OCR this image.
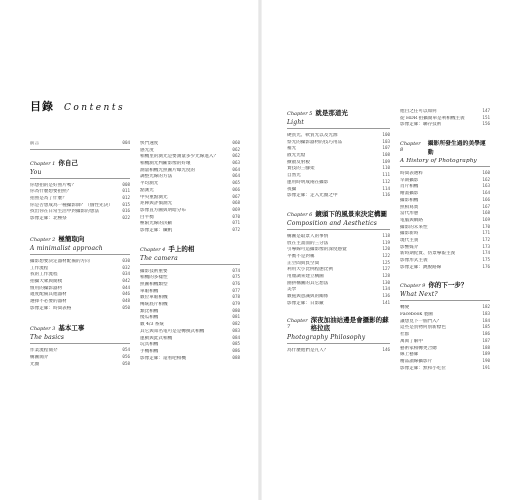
目錄 Contents
前言	004
Chapter 1 你自己
You
你想拍的是好照片嗎？	008
你為什麼想要拍照？	011
拍照是為了什麼？	012
你是否想成為一種攝影師？（個性先決）	015
找出你在日常生活中對攝影的想法	016
影像走廊：北極祭	022
Chapter 2 極簡取向
A minimalist approach
攝影想要決定器材配備的方向	030
工作流程	032
我的工作流程	034
拍攝大眾與簡樸	042
慣用的攝影器材	044
適度配備其他器材	046
選擇不必要的器材	048
影像走廊：時間表格	050
Chapter 3 基本工事
The basics
作業流程簡介	054
構圖簡介	056
光圈	058
快門速度	060
感光度	062
相機里的測光是要測量多少光線進入？	062
相機測光判斷影像的好壞	063
測量相機光照圖片曝光度的	064
調整光線的方法	064
平均測光	065
點測光	066
中央重點測光	067
矩陣與評價測光	068
影像直方圖與明暗分布	069
白平衡	070
極限光線的決斷	071
影像走廊：纖帆	072
Chapter 4 手上的相
The camera
攝影技術重要	074
相機的多樣性	075
照圖相機類型	076
單眼相機	077
數位單眼相機	078
傳統底片相機	079
類比相機	080
傻瓜相機	081
數 4/3 系統	082
其它與知名電可是是轉換式相機	083
運動與此式相機	084
玩具相機	085
手機相機	086
影像走廊：還看吧相機	088
Chapter 5 就是那道光
Light
硬質光、軟質光以及光源	100
察光的攝影器材的技巧用品	103
補光	107
散光光燈	108
擴散反射板	109
實技的三腳架	110
自然光	111
運用時明成兩在攝影	112
夜攝	114
影像走廊：走入光圈之中	116
Chapter 6 鏡頭下的風景來決定構圖
Composition and Aesthetics
構圖是取景人的事情	118
放在主畫面的三分法	119
引導線可造攝影像的深度感覺	120
平衡不是對稱	122
正空間與負空間	125
利用大小比例程態比例	127
用顏調來建立構圖	128
圍拼構圖的其它想法	130
美學	134
數拖與意識與的關係	136
影像走廊：日影廠	141
Chapter 7
深夜加油站邊是會攝影的蘇格拉底
Photography Philosophy
為什麼他們是凡人？	146
他白之任可以如何	147
從 HDR 拍攝簡單是利相機主義	151
影像走廊：聯存技術	156
Chapter 8
攝影所發生過的美學運動
A History of Photography
時間表選粹	160
早期攝影	162
肖片相機	163
繪畫攝影	164
攝影相機	166
照相寫實	167
當代形態	168
電腦與網路	169
攝影的未來性	170
攝影新時	171
現代主義	172
影響媒介	173
新時期紀實、仿景導報主義	174
影像形式主義	175
影像走廊：跳脫路線	176
Chapter 9 你的下一步？
What Next?
轉變	182
Facebook 製圖	183
讓想見下一個門入？	184
這些是質物何別新標色	185
社群	186
萬萬了解中	187
藝術家相轉更合總	188
線上藝廊	189
精品讀線攝影片	190
影像走廊：無和小吃位	191
